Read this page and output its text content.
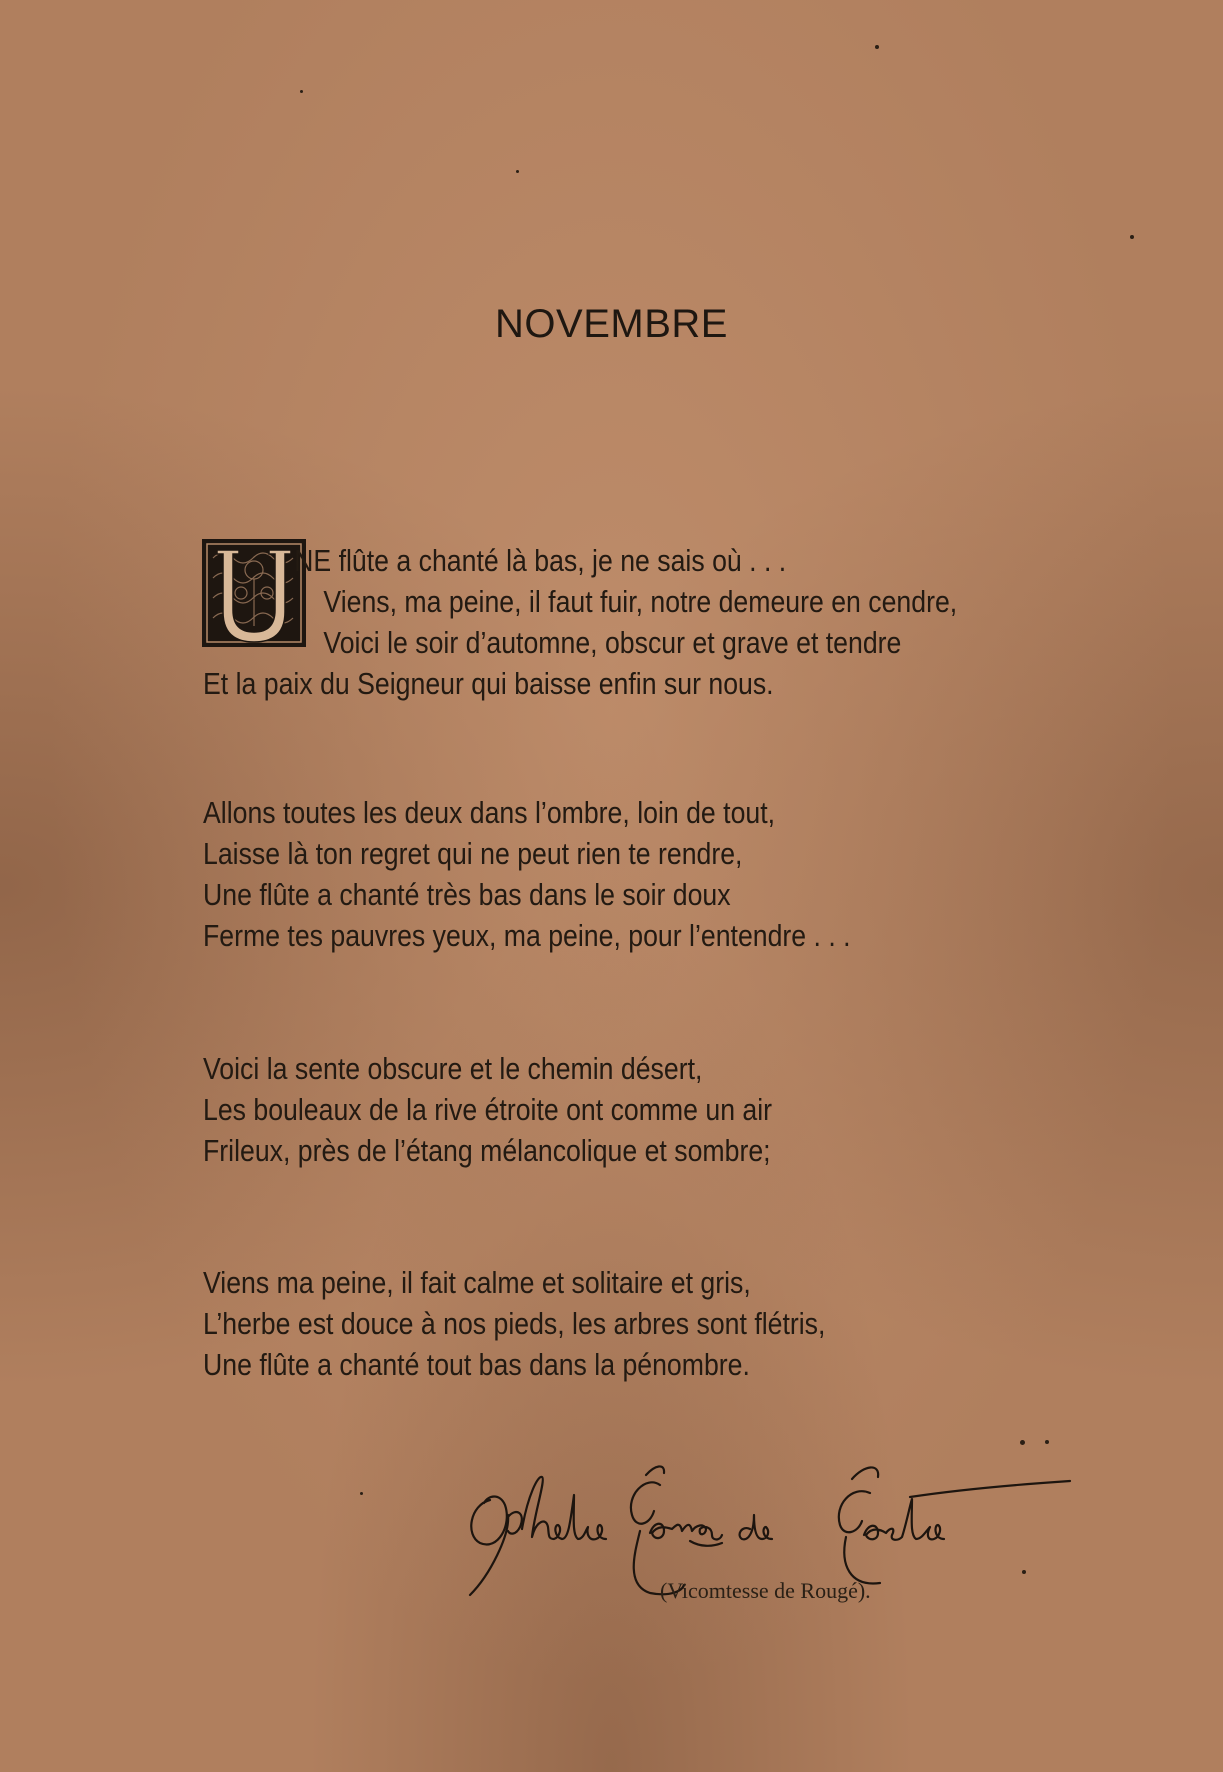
NOVEMBRE
U
NE flûte a chanté là bas, je ne sais où . . .
Viens, ma peine, il faut fuir, notre demeure en cendre,
Voici le soir d’automne, obscur et grave et tendre
Et la paix du Seigneur qui baisse enfin sur nous.
Allons toutes les deux dans l’ombre, loin de tout,
Laisse là ton regret qui ne peut rien te rendre,
Une flûte a chanté très bas dans le soir doux
Ferme tes pauvres yeux, ma peine, pour l’entendre . . .
Voici la sente obscure et le chemin désert,
Les bouleaux de la rive étroite ont comme un air
Frileux, près de l’étang mélancolique et sombre;
Viens ma peine, il fait calme et solitaire et gris,
L’herbe est douce à nos pieds, les arbres sont flétris,
Une flûte a chanté tout bas dans la pénombre.
(Vicomtesse de Rougé).
